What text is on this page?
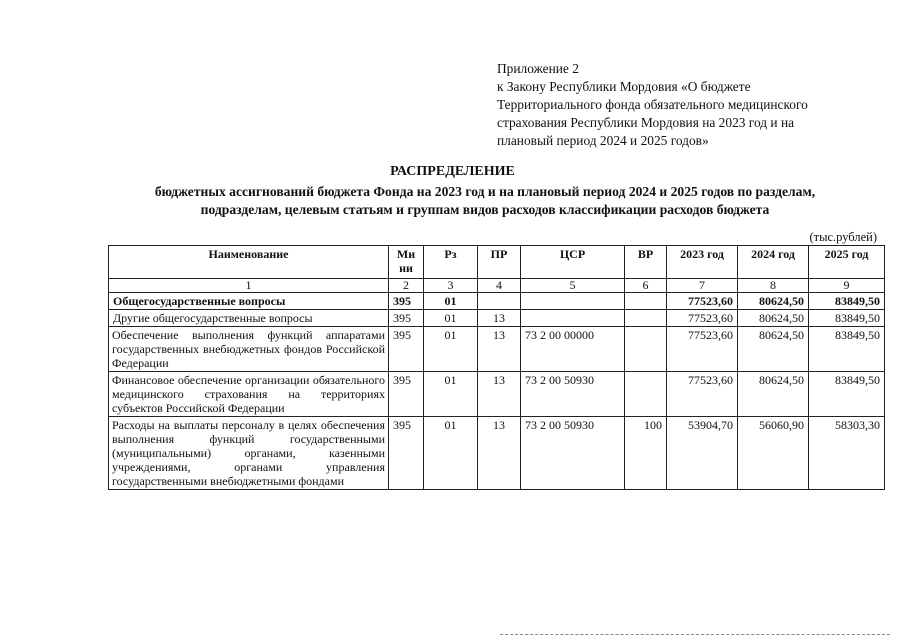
Приложение 2
к Закону Республики Мордовия «О бюджете
Территориального фонда обязательного медицинского
страхования Республики Мордовия на 2023 год и на
плановый период 2024 и 2025 годов»
РАСПРЕДЕЛЕНИЕ
бюджетных ассигнований бюджета Фонда на 2023 год и на плановый период 2024 и 2025 годов по разделам,
подразделам, целевым статьям и группам видов расходов классификации расходов бюджета
(тыс.рублей)
Наименование	Ми ни	Рз	ПР	ЦСР	ВР	2023 год	2024 год	2025 год
1	2	3	4	5	6	7	8	9
Общегосударственные вопросы	395	01				77523,60	80624,50	83849,50
Другие общегосударственные вопросы	395	01	13			77523,60	80624,50	83849,50
Обеспечение выполнения функций аппаратами государственных внебюджетных фондов Российской Федерации	395	01	13	73 2 00 00000		77523,60	80624,50	83849,50
Финансовое обеспечение организации обязательного медицинского страхования на территориях субъектов Российской Федерации	395	01	13	73 2 00 50930		77523,60	80624,50	83849,50
Расходы на выплаты персоналу в целях обеспечения выполнения функций государственными (муниципальными) органами, казенными учреждениями, органами управления государственными внебюджетными фондами	395	01	13	73 2 00 50930	100	53904,70	56060,90	58303,30
